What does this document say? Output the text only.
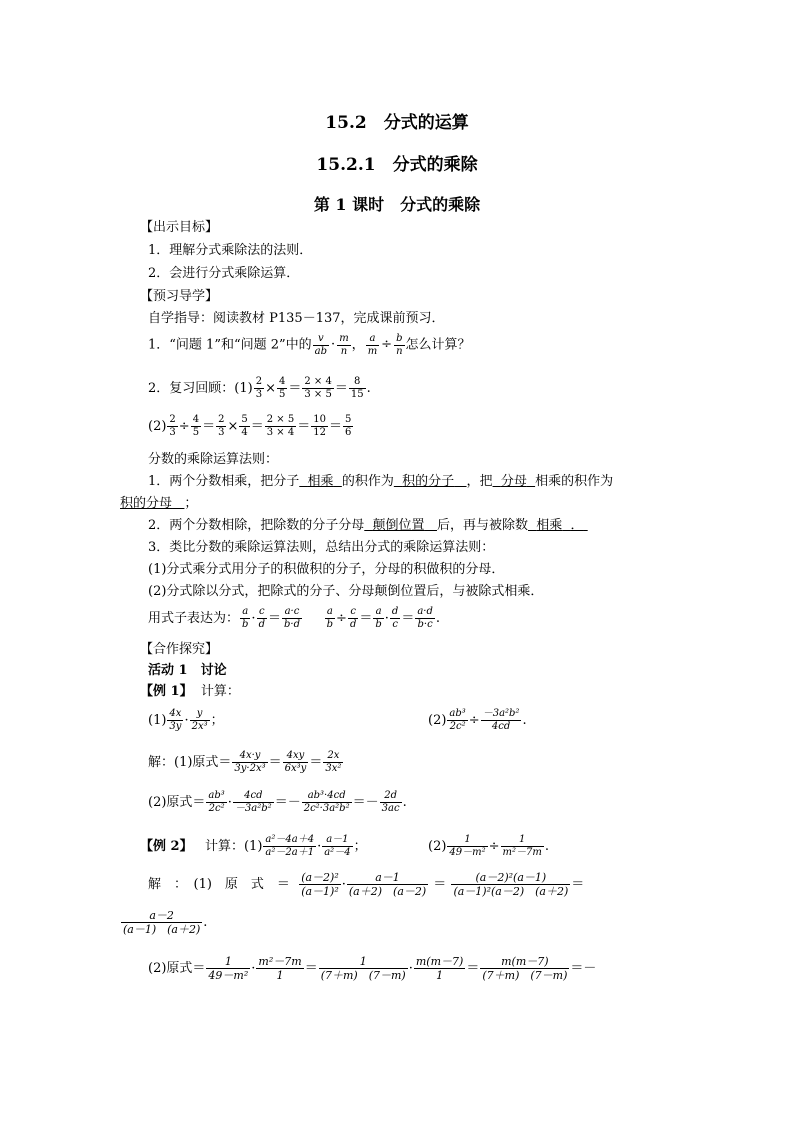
15.2　分式的运算
15.2.1　分式的乘除
第 1 课时　分式的乘除
【出示目标】
1．理解分式乘除法的法则．
2．会进行分式乘除运算．
【预习导学】
自学指导：阅读教材 P135－137，完成课前预习．
1．“问题 1”和“问题 2”中的 $\frac{v}{ab} \cdot \frac{m}{n}$ ， $\frac{a}{m} \div \frac{b}{n}$ 怎么计算？
2．复习回顾：$(1) \frac{2}{3} \times \frac{4}{5} = \frac{2 \times 4}{3 \times 5} = \frac{8}{15}$ .
$(2) \frac{2}{3} \div \frac{4}{5} = \frac{2}{3} \times \frac{5}{4} = \frac{2 \times 5}{3 \times 4} = \frac{10}{12} = \frac{5}{6}$
分数的乘除运算法则：
1．两个分数相乘，把分子 相乘 的积作为 积的分子 ，把 分母 相乘的积作为
积的分母 ；
2．两个分数相除，把除数的分子分母 颠倒位置 后，再与被除数 相乘 ．
3．类比分数的乘除运算法则，总结出分式的乘除运算法则：
(1)分式乘分式用分子的积做积的分子，分母的积做积的分母．
(2)分式除以分式，把除式的分子、分母颠倒位置后，与被除式相乘．
用式子表达为： $\frac{a}{b} \cdot \frac{c}{d} = \frac{a\cdot c}{b\cdot d}$
$\frac{a}{b} \div \frac{c}{d} = \frac{a}{b} \cdot \frac{d}{c} = \frac{a\cdot d}{b\cdot c}$ .
【合作探究】
活动 1　讨论
【例 1】 计算：
$(1) \frac{4x}{3y} \cdot \frac{y}{\text{2x³}}$ ；	$(2) \frac{\text{ab³}}{\text{2c²}} \div \frac{\text{－3a²b²}}{4cd}$ .
解：(1)原式＝ $\frac{4x\cdot y}{\text{3y·2x³}} = \frac{4xy}{\text{6x³y}} = \frac{2x}{\text{3x²}}$
(2)原式＝ $\frac{\text{ab³}}{\text{2c²}} \cdot \frac{4cd}{\text{－3a²b²}} =- \frac{\text{ab³·4cd}}{\text{2c²·3a²b²}} =- \frac{2d}{3ac}$ .
【例 2】 计算：$(1) \frac{\text{a²－4a＋4}}{\text{a²－2a＋1}} \cdot \frac{a-1}{\text{a²－4}}$ ；	$(2) \frac{1}{\text{49－m²}} \div \frac{1}{\text{m²－7m}}$ .
解　：　(1)　原　式　＝ $\frac{\text{(a－2)²}}{\text{(a－1)²}} \cdot \frac{a-1}{(a+2) (a-2)} = \frac{\text{(a－2)²(a－1)}}{\text{(a－1)²(a－2)　(a＋2)}}$ ＝
$\frac{a-2}{(a-1) (a+2)}$ .
(2)原式＝ $\frac{1}{\text{49－m²}} \cdot \frac{\text{m²－7m}}{1} = \frac{1}{(7+m) (7-m)} \cdot \frac{m(m-7)}{1} = \frac{m(m-7)}{(7+m) (7-m)}$ ＝－
